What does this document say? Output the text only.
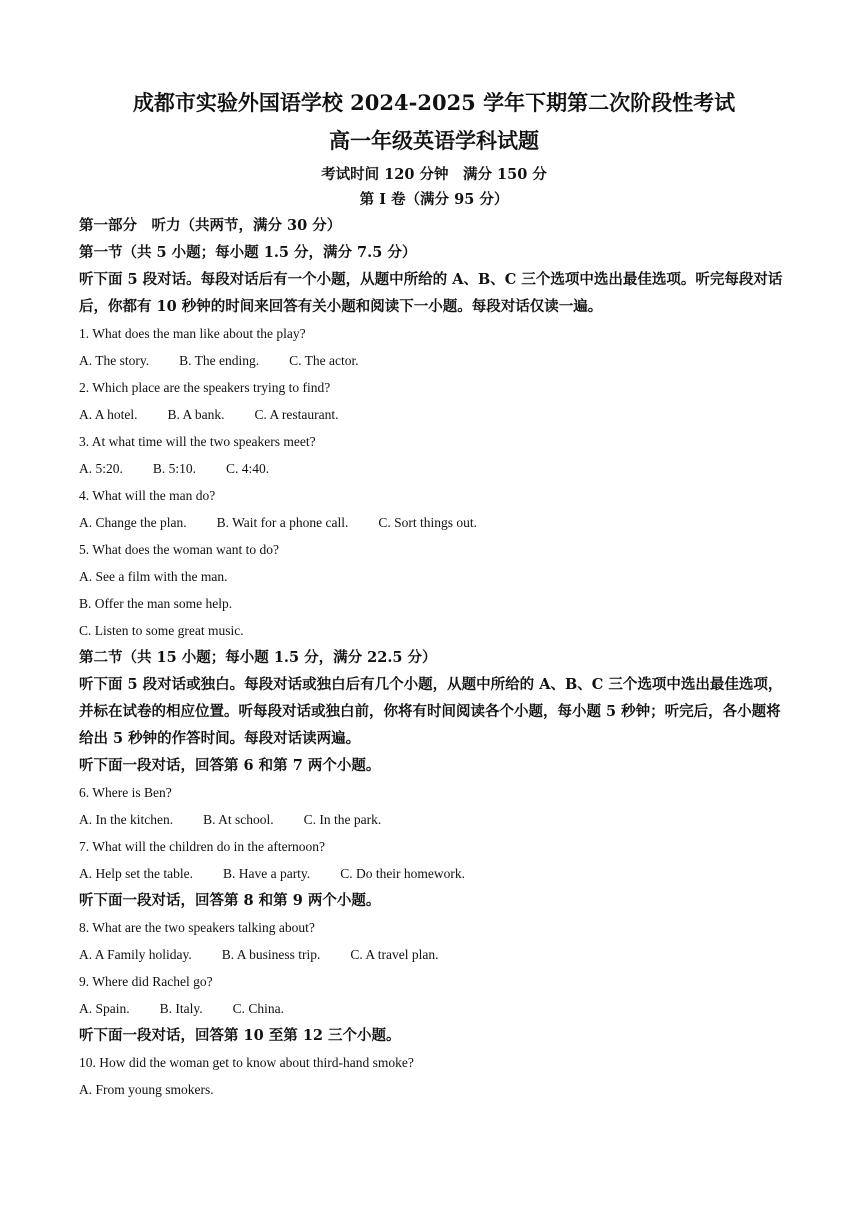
成都市实验外国语学校 2024-2025 学年下期第二次阶段性考试

高一年级英语学科试题

考试时间 120 分钟　满分 150 分

第 Ⅰ 卷（满分 95 分）

第一部分　听力（共两节，满分 30 分）

第一节（共 5 小题；每小题 1.5 分，满分 7.5 分）

听下面 5 段对话。每段对话后有一个小题，从题中所给的 A、B、C 三个选项中选出最佳选项。听完每段对话后，你都有 10 秒钟的时间来回答有关小题和阅读下一小题。每段对话仅读一遍。

1. What does the man like about the play?

A. The story. B. The ending. C. The actor.

2. Which place are the speakers trying to find?

A. A hotel. B. A bank. C. A restaurant.

3. At what time will the two speakers meet?

A. 5:20. B. 5:10. C. 4:40.

4. What will the man do?

A. Change the plan. B. Wait for a phone call. C. Sort things out.

5. What does the woman want to do?

A. See a film with the man.

B. Offer the man some help.

C. Listen to some great music.

第二节（共 15 小题；每小题 1.5 分，满分 22.5 分）

听下面 5 段对话或独白。每段对话或独白后有几个小题，从题中所给的 A、B、C 三个选项中选出最佳选项，并标在试卷的相应位置。听每段对话或独白前，你将有时间阅读各个小题，每小题 5 秒钟；听完后，各小题将给出 5 秒钟的作答时间。每段对话读两遍。

听下面一段对话，回答第 6 和第 7 两个小题。

6. Where is Ben?

A. In the kitchen. B. At school. C. In the park.

7. What will the children do in the afternoon?

A. Help set the table. B. Have a party. C. Do their homework.

听下面一段对话，回答第 8 和第 9 两个小题。

8. What are the two speakers talking about?

A. A Family holiday. B. A business trip. C. A travel plan.

9. Where did Rachel go?

A. Spain. B. Italy. C. China.

听下面一段对话，回答第 10 至第 12 三个小题。

10. How did the woman get to know about third-hand smoke?

A. From young smokers.
